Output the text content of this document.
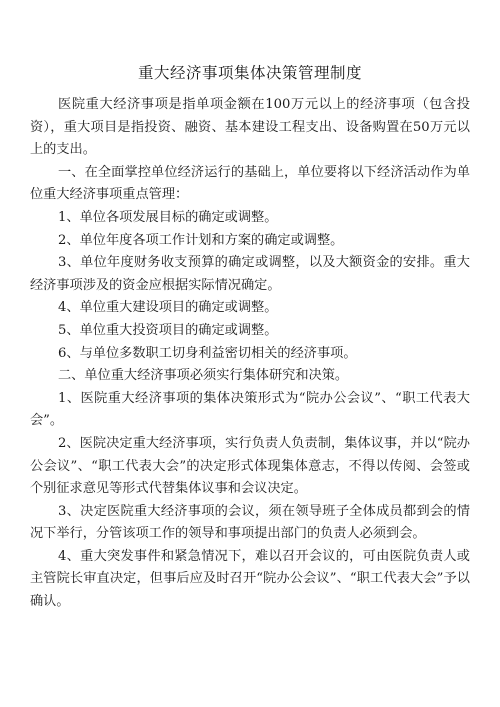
重大经济事项集体决策管理制度

医院重大经济事项是指单项金额在100万元以上的经济事项（包含投资），重大项目是指投资、融资、基本建设工程支出、设备购置在50万元以上的支出。

一、在全面掌控单位经济运行的基础上，单位要将以下经济活动作为单位重大经济事项重点管理：

1、单位各项发展目标的确定或调整。

2、单位年度各项工作计划和方案的确定或调整。

3、单位年度财务收支预算的确定或调整，以及大额资金的安排。重大经济事项涉及的资金应根据实际情况确定。

4、单位重大建设项目的确定或调整。

5、单位重大投资项目的确定或调整。

6、与单位多数职工切身利益密切相关的经济事项。

二、单位重大经济事项必须实行集体研究和决策。

1、医院重大经济事项的集体决策形式为“院办公会议”、“职工代表大会”。

2、医院决定重大经济事项，实行负责人负责制，集体议事，并以“院办公会议”、“职工代表大会”的决定形式体现集体意志，不得以传阅、会签或个别征求意见等形式代替集体议事和会议决定。

3、决定医院重大经济事项的会议，须在领导班子全体成员都到会的情况下举行，分管该项工作的领导和事项提出部门的负责人必须到会。

4、重大突发事件和紧急情况下，难以召开会议的，可由医院负责人或主管院长审直决定，但事后应及时召开“院办公会议”、“职工代表大会”予以确认。
